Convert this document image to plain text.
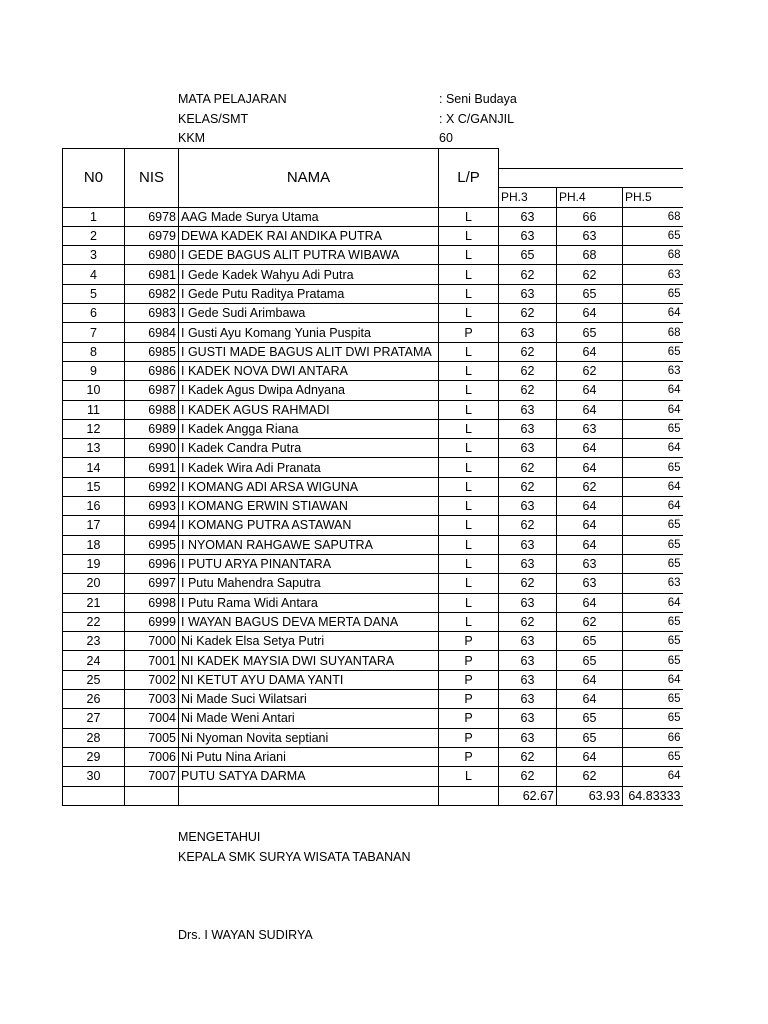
MATA PELAJARAN	: Seni Budaya
KELAS/SMT	: X C/GANJIL
KKM	60
N0	NIS	NAMA	L/P			

				PH.3	PH.4	PH.5
1	6978	AAG Made Surya Utama	L	63	66	68
2	6979	DEWA KADEK RAI ANDIKA PUTRA	L	63	63	65
3	6980	I GEDE BAGUS ALIT PUTRA WIBAWA	L	65	68	68
4	6981	I Gede Kadek Wahyu Adi Putra	L	62	62	63
5	6982	I Gede Putu Raditya Pratama	L	63	65	65
6	6983	I Gede Sudi Arimbawa	L	62	64	64
7	6984	I Gusti Ayu Komang Yunia Puspita	P	63	65	68
8	6985	I GUSTI MADE BAGUS ALIT DWI PRATAMA	L	62	64	65
9	6986	I KADEK NOVA DWI ANTARA	L	62	62	63
10	6987	I Kadek Agus Dwipa Adnyana	L	62	64	64
11	6988	I KADEK AGUS RAHMADI	L	63	64	64
12	6989	I Kadek Angga Riana	L	63	63	65
13	6990	I Kadek Candra Putra	L	63	64	64
14	6991	I Kadek Wira Adi Pranata	L	62	64	65
15	6992	I KOMANG ADI ARSA WIGUNA	L	62	62	64
16	6993	I KOMANG ERWIN STIAWAN	L	63	64	64
17	6994	I KOMANG PUTRA ASTAWAN	L	62	64	65
18	6995	I NYOMAN RAHGAWE SAPUTRA	L	63	64	65
19	6996	I PUTU ARYA PINANTARA	L	63	63	65
20	6997	I Putu Mahendra Saputra	L	62	63	63
21	6998	I Putu Rama Widi Antara	L	63	64	64
22	6999	I WAYAN BAGUS DEVA MERTA DANA	L	62	62	65
23	7000	Ni Kadek Elsa Setya Putri	P	63	65	65
24	7001	NI KADEK MAYSIA DWI SUYANTARA	P	63	65	65
25	7002	NI KETUT AYU DAMA YANTI	P	63	64	64
26	7003	Ni Made Suci Wilatsari	P	63	64	65
27	7004	Ni Made Weni Antari	P	63	65	65
28	7005	Ni Nyoman Novita septiani	P	63	65	66
29	7006	Ni Putu Nina Ariani	P	62	64	65
30	7007	PUTU SATYA DARMA	L	62	62	64
				62.67	63.93	64.83333
MENGETAHUI
KEPALA SMK SURYA WISATA TABANAN
Drs. I WAYAN SUDIRYA
